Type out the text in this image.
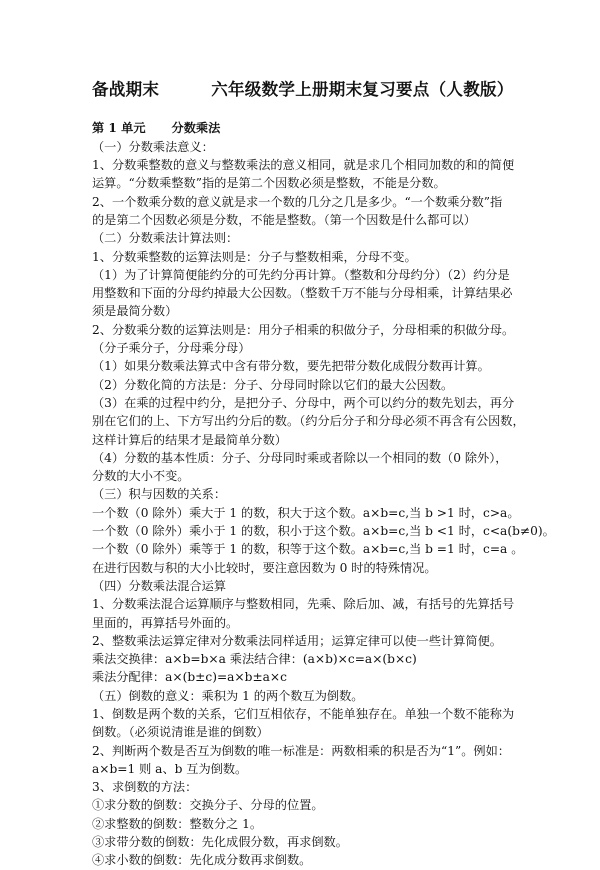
备战期末	六年级数学上册期末复习要点（人教版）
第 1 单元 分数乘法
（一）分数乘法意义：
1、分数乘整数的意义与整数乘法的意义相同，就是求几个相同加数的和的简便
运算。“分数乘整数”指的是第二个因数必须是整数，不能是分数。
2、一个数乘分数的意义就是求一个数的几分之几是多少。“一个数乘分数”指
的是第二个因数必须是分数，不能是整数。（第一个因数是什么都可以）
（二）分数乘法计算法则：
1、分数乘整数的运算法则是：分子与整数相乘，分母不变。
（1）为了计算简便能约分的可先约分再计算。（整数和分母约分）（2）约分是
用整数和下面的分母约掉最大公因数。（整数千万不能与分母相乘，计算结果必
须是最简分数）
2、分数乘分数的运算法则是：用分子相乘的积做分子，分母相乘的积做分母。
（分子乘分子，分母乘分母）
（1）如果分数乘法算式中含有带分数，要先把带分数化成假分数再计算。
（2）分数化简的方法是：分子、分母同时除以它们的最大公因数。
（3）在乘的过程中约分，是把分子、分母中，两个可以约分的数先划去，再分
别在它们的上、下方写出约分后的数。（约分后分子和分母必须不再含有公因数，
这样计算后的结果才是最简单分数）
（4）分数的基本性质：分子、分母同时乘或者除以一个相同的数（0 除外），
分数的大小不变。
（三）积与因数的关系：
一个数（0 除外）乘大于 1 的数，积大于这个数。a×b=c,当 b >1 时，c>a。
一个数（0 除外）乘小于 1 的数，积小于这个数。a×b=c,当 b <1 时，c<a(b≠0)。
一个数（0 除外）乘等于 1 的数，积等于这个数。a×b=c,当 b =1 时，c=a 。
在进行因数与积的大小比较时，要注意因数为 0 时的特殊情况。
（四）分数乘法混合运算
1、分数乘法混合运算顺序与整数相同，先乘、除后加、减，有括号的先算括号
里面的，再算括号外面的。
2、整数乘法运算定律对分数乘法同样适用；运算定律可以使一些计算简便。
乘法交换律：a×b=b×a 乘法结合律：(a×b)×c=a×(b×c)
乘法分配律：a×(b±c)=a×b±a×c
（五）倒数的意义：乘积为 1 的两个数互为倒数。
1、倒数是两个数的关系，它们互相依存，不能单独存在。单独一个数不能称为
倒数。（必须说清谁是谁的倒数）
2、判断两个数是否互为倒数的唯一标准是：两数相乘的积是否为“1”。例如：
a×b=1 则 a、b 互为倒数。
3、求倒数的方法：
①求分数的倒数：交换分子、分母的位置。
②求整数的倒数：整数分之 1。
③求带分数的倒数：先化成假分数，再求倒数。
④求小数的倒数：先化成分数再求倒数。
